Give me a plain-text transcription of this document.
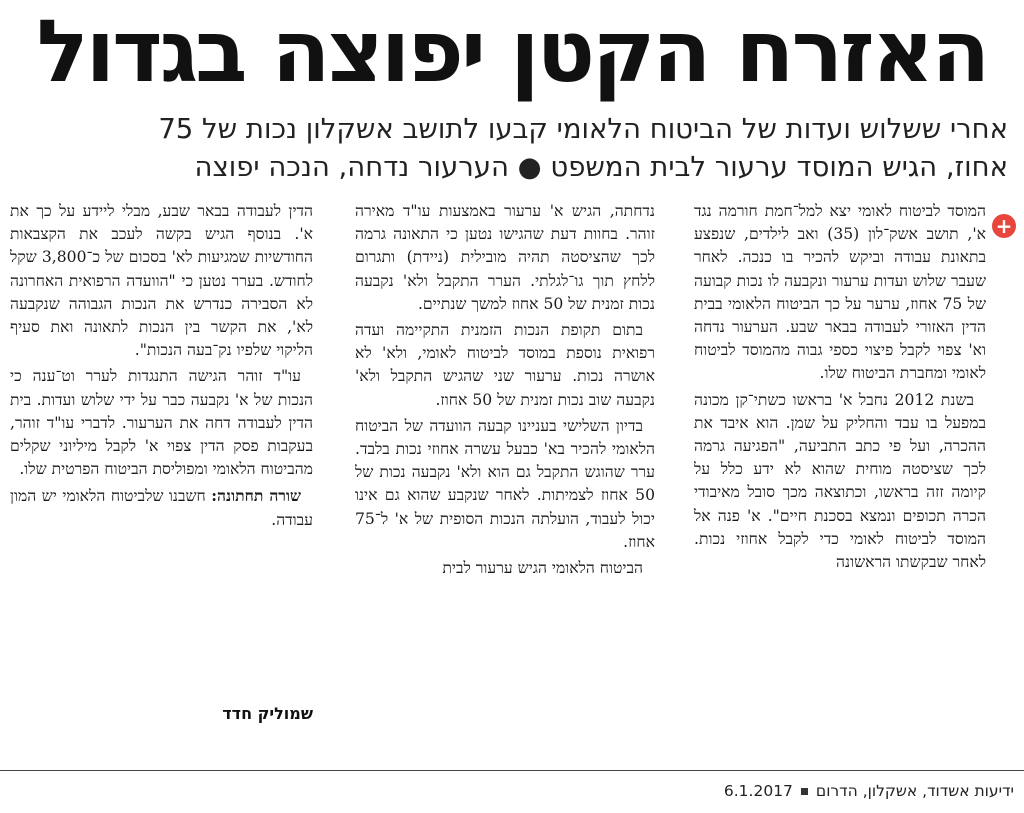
האזרח הקטן יפוצה בגדול
אחרי ששלוש ועדות של הביטוח הלאומי קבעו לתושב אשקלון נכות של 75
אחוז, הגיש המוסד ערעור לבית המשפט ● הערעור נדחה, הנכה יפוצה
+

המוסד לביטוח לאומי יצא למל־חמת חורמה נגד א', תושב אשק־לון (35) ואב לילדים, שנפצע בתאונת עבודה וביקש להכיר בו כנכה. לאחר שעבר שלוש ועדות ערעור ונקבעה לו נכות קבועה של 75 אחוז, ערער על כך הביטוח הלאומי בבית הדין האזורי לעבודה בבאר שבע. הערעור נדחה וא' צפוי לקבל פיצוי כספי גבוה מהמוסד לביטוח לאומי ומחברת הביטוח שלו.

בשנת 2012 נחבל א' בראשו כשתי־קן מכונה במפעל בו עבד והחליק על שמן. הוא איבד את ההכרה, ועל פי כתב התביעה, "הפגיעה גרמה לכך שציסטה מוחית שהוא לא ידע כלל על קיומה זזה בראשו, וכתוצאה מכך סובל מאיבודי הכרה תכופים ונמצא בסכנת חיים". א' פנה אל המוסד לביטוח לאומי כדי לקבל אחוזי נכות. לאחר שבקשתו הראשונה

נדחתה, הגיש א' ערעור באמצעות עו"ד מאירה זוהר. בחוות דעת שהגישו נטען כי התאונה גרמה לכך שהציסטה תהיה מובילית (ניידת) ותגרום ללחץ תוך גו־לגלתי. הערר התקבל ולא' נקבעה נכות זמנית של 50 אחוז למשך שנתיים.

בתום תקופת הנכות הזמנית התקיימה ועדה רפואית נוספת במוסד לביטוח לאומי, ולא' לא אושרה נכות. ערעור שני שהגיש התקבל ולא' נקבעה שוב נכות זמנית של 50 אחוז.

בדיון השלישי בעניינו קבעה הוועדה של הביטוח הלאומי להכיר בא' כבעל עשרה אחוזי נכות בלבד. ערר שהוגש התקבל גם הוא ולא' נקבעה נכות של 50 אחוז לצמיתות. לאחר שנקבע שהוא גם אינו יכול לעבוד, הועלתה הנכות הסופית של א' ל־75 אחוז.

הביטוח הלאומי הגיש ערעור לבית

הדין לעבודה בבאר שבע, מבלי ליידע על כך את א'. בנוסף הגיש בקשה לעכב את הקצבאות החודשיות שמגיעות לא' בסכום של כ־3,800 שקל לחודש. בערר נטען כי "הוועדה הרפואית האחרונה לא הסבירה כנדרש את הנכות הגבוהה שנקבעה לא', את הקשר בין הנכות לתאונה ואת סעיף הליקוי שלפיו נק־בעה הנכות".

עו"ד זוהר הגישה התנגדות לערר וט־ענה כי הנכות של א' נקבעה כבר על ידי שלוש ועדות. בית הדין לעבודה דחה את הערעור. לדברי עו"ד זוהר, בעקבות פסק הדין צפוי א' לקבל מיליוני שקלים מהביטוח הלאומי ומפוליסת הביטוח הפרטית שלו.

שורה תחתונה: חשבנו שלביטוח הלאומי יש המון עבודה.

שמוליק חדד
ידיעות אשדוד, אשקלון, הדרום6.1.2017
